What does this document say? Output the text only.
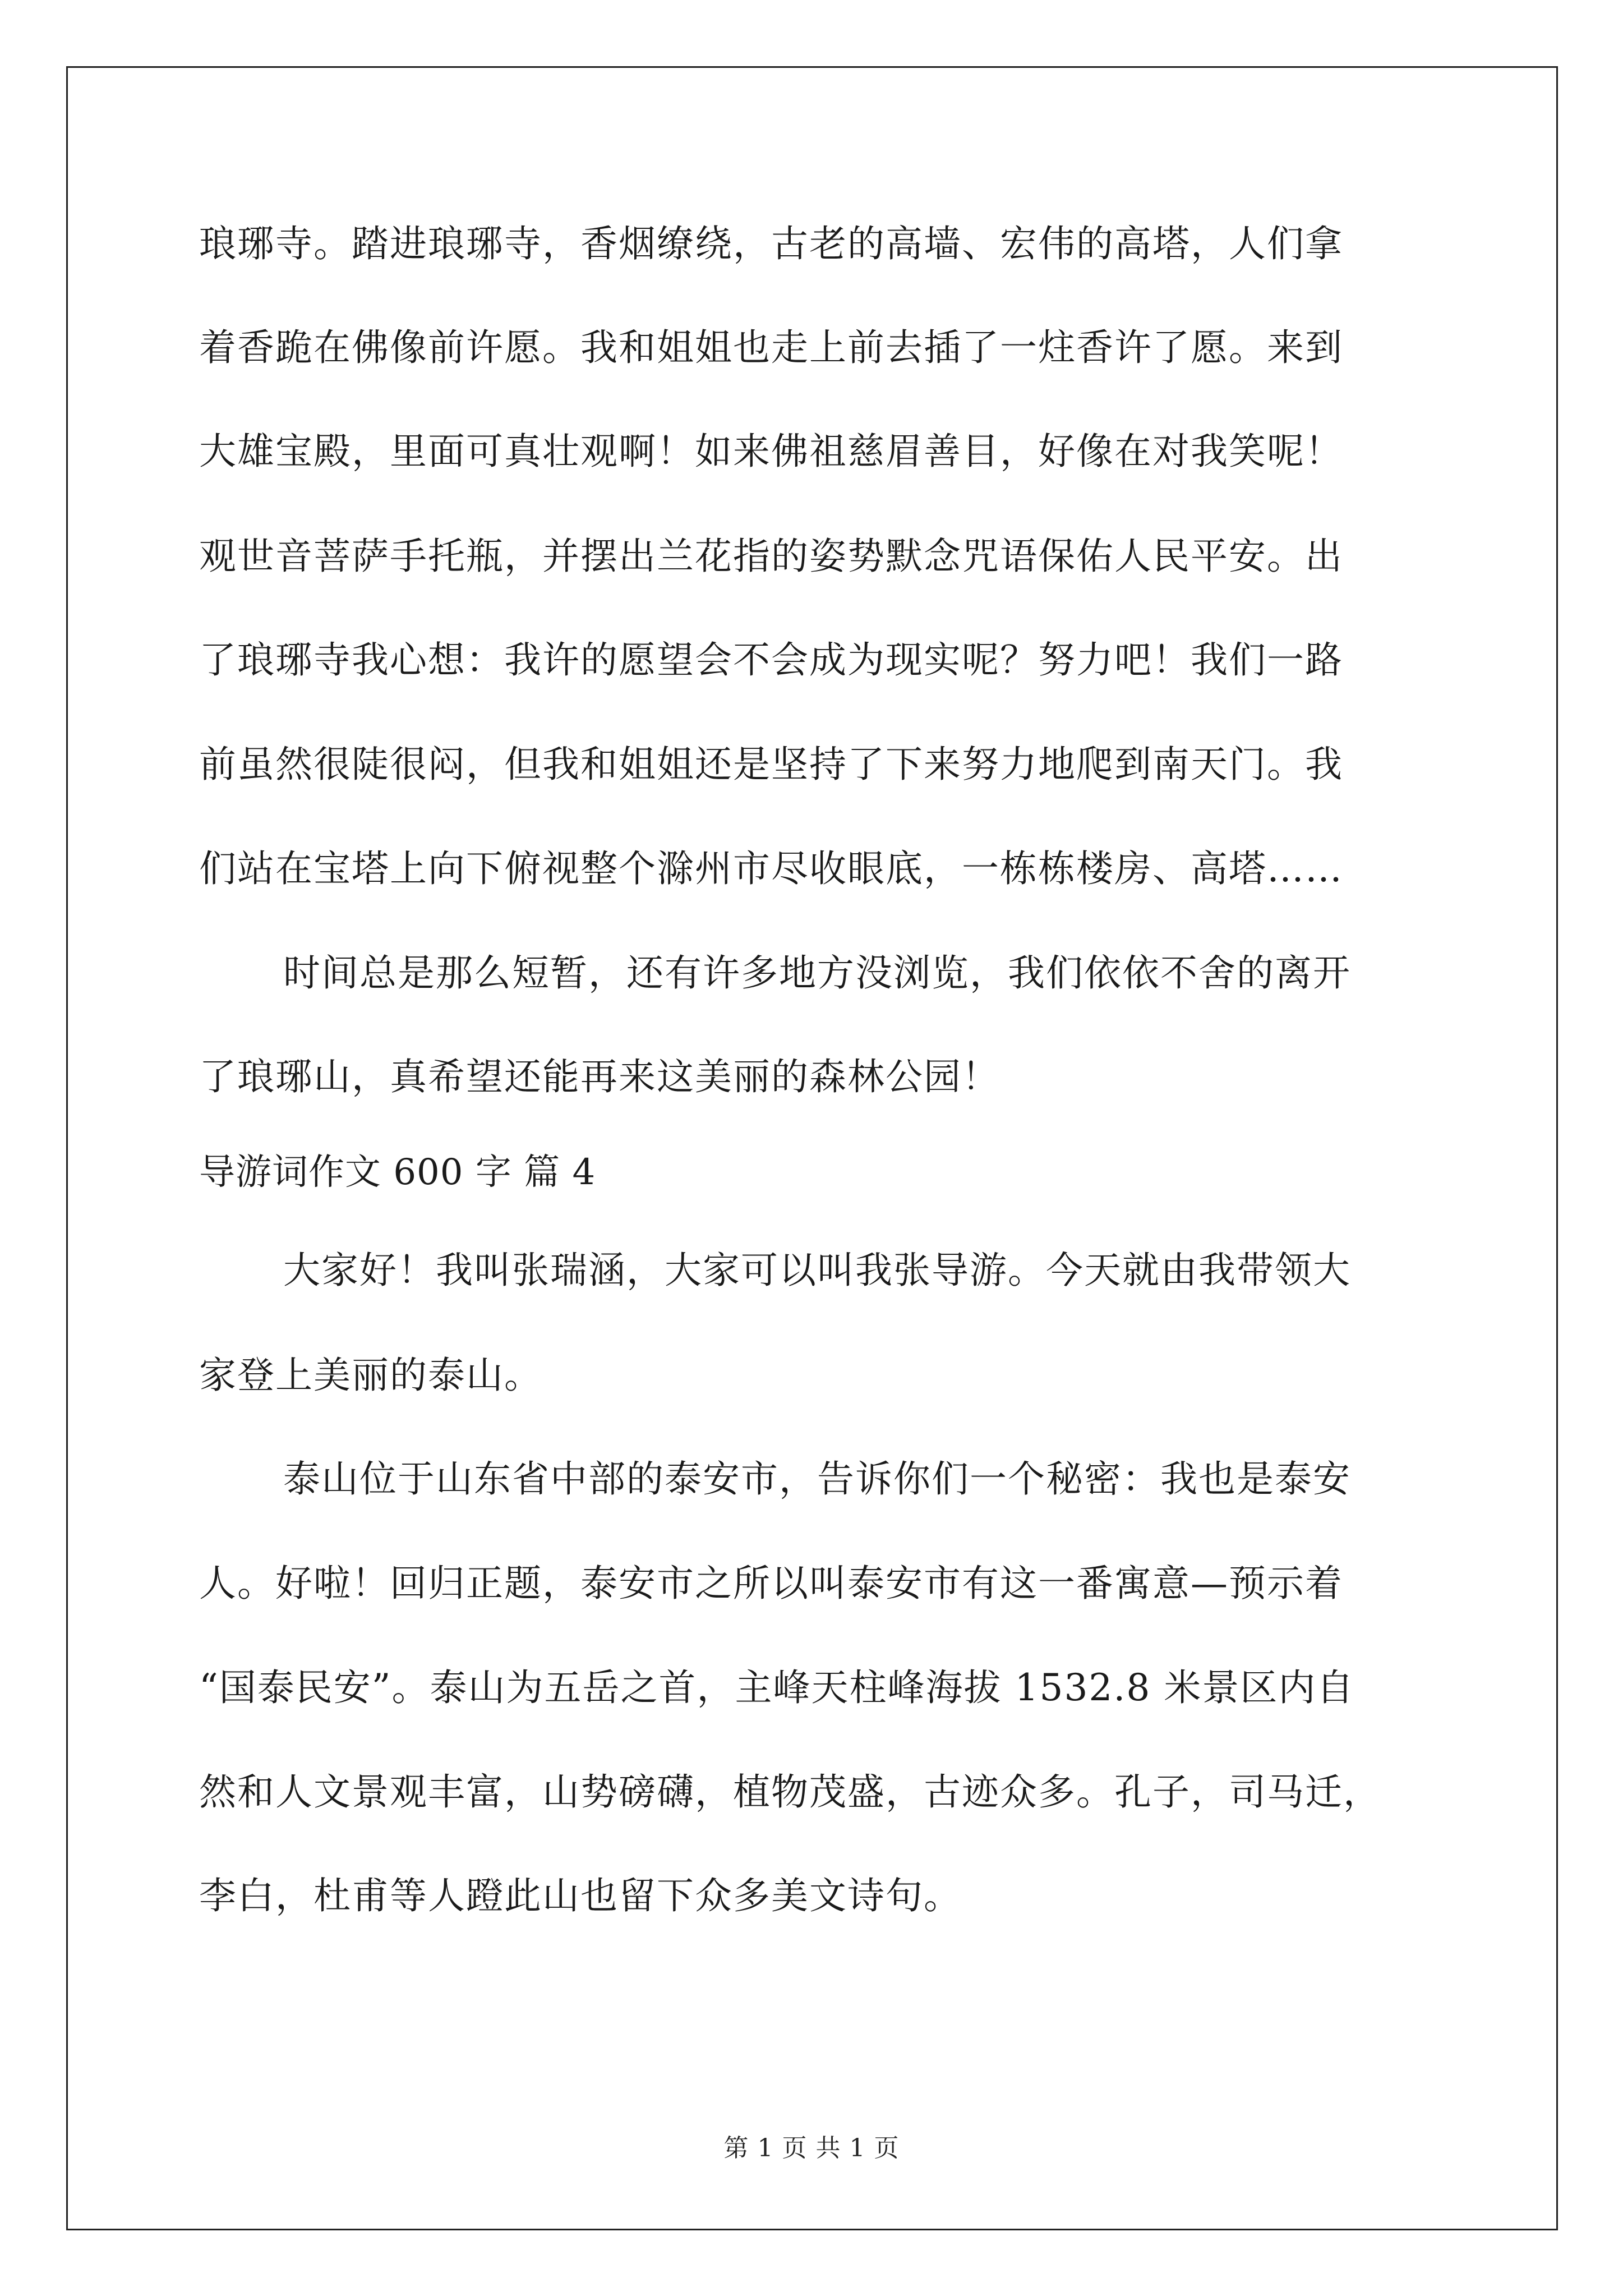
琅琊寺。踏进琅琊寺，香烟缭绕，古老的高墙、宏伟的高塔，人们拿
着香跪在佛像前许愿。我和姐姐也走上前去插了一炷香许了愿。来到
大雄宝殿，里面可真壮观啊！如来佛祖慈眉善目，好像在对我笑呢！
观世音菩萨手托瓶，并摆出兰花指的姿势默念咒语保佑人民平安。出
了琅琊寺我心想：我许的愿望会不会成为现实呢？努力吧！我们一路
前虽然很陡很闷，但我和姐姐还是坚持了下来努力地爬到南天门。我
们站在宝塔上向下俯视整个滁州市尽收眼底，一栋栋楼房、高塔……
时间总是那么短暂，还有许多地方没浏览，我们依依不舍的离开
了琅琊山，真希望还能再来这美丽的森林公园！
导游词作文 600 字 篇 4
大家好！我叫张瑞涵，大家可以叫我张导游。今天就由我带领大
家登上美丽的泰山。
泰山位于山东省中部的泰安市，告诉你们一个秘密：我也是泰安
人。好啦！回归正题，泰安市之所以叫泰安市有这一番寓意—预示着
“国泰民安”。泰山为五岳之首，主峰天柱峰海拔 1532.8 米景区内自
然和人文景观丰富，山势磅礴，植物茂盛，古迹众多。孔子，司马迁，
李白，杜甫等人蹬此山也留下众多美文诗句。
第 1 页 共 1 页
